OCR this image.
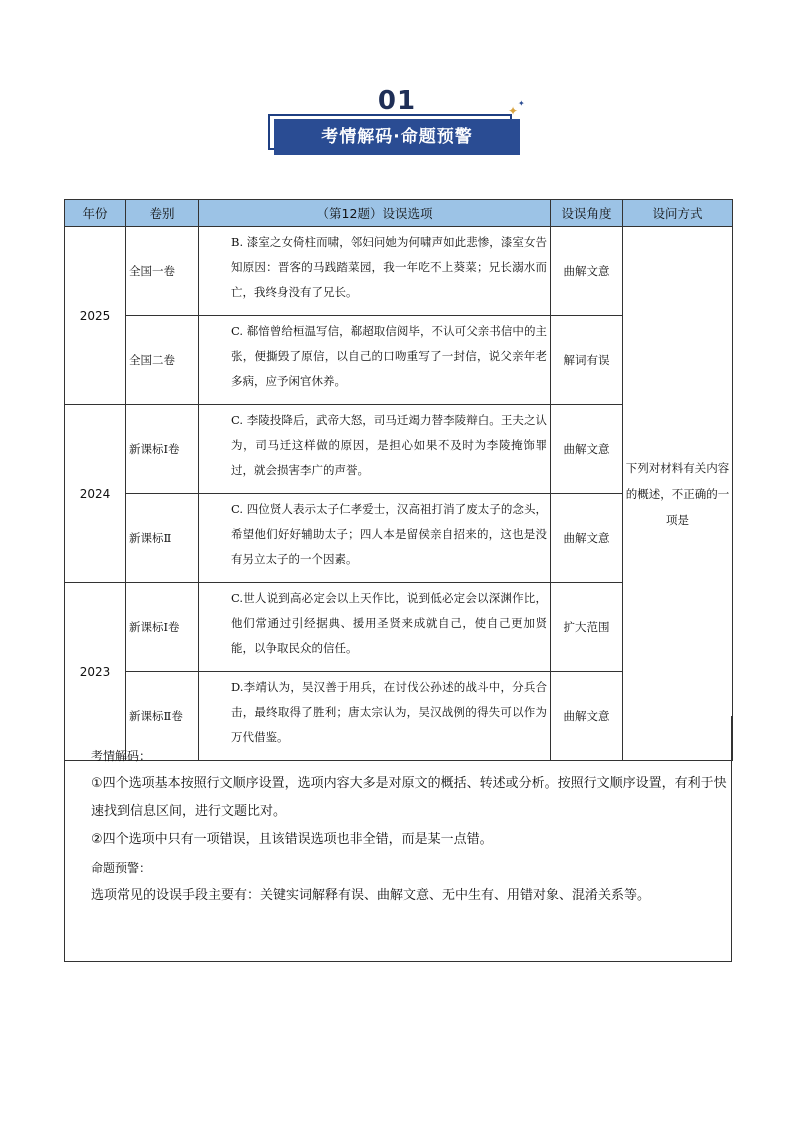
01	✦
✦
考情解码·命题预警
年份	卷别	（第12题）设误选项	设误角度	设问方式
2025	全国一卷	B. 漆室之女倚柱而啸，邻妇问她为何啸声如此悲惨，漆室女告知原因：晋客的马践踏菜园，我一年吃不上葵菜；兄长溺水而亡，我终身没有了兄长。	曲解文意	下列对材料有关内容的概述，不正确的一项是
	全国二卷	C. 郗愔曾给桓温写信，郗超取信阅毕，不认可父亲书信中的主张，便撕毁了原信，以自己的口吻重写了一封信，说父亲年老多病，应予闲官休养。	解词有误	
2024	新课标Ⅰ卷	C. 李陵投降后，武帝大怒，司马迁竭力替李陵辩白。王夫之认为，司马迁这样做的原因，是担心如果不及时为李陵掩饰罪过，就会损害李广的声誉。	曲解文意	
	新课标Ⅱ	C. 四位贤人表示太子仁孝爱士，汉高祖打消了废太子的念头，希望他们好好辅助太子；四人本是留侯亲自招来的，这也是没有另立太子的一个因素。	曲解文意	
2023	新课标Ⅰ卷	C.世人说到高必定会以上天作比，说到低必定会以深渊作比，他们常通过引经据典、援用圣贤来成就自己，使自己更加贤能，以争取民众的信任。	扩大范围	
	新课标Ⅱ卷	D.李靖认为，吴汉善于用兵，在讨伐公孙述的战斗中，分兵合击，最终取得了胜利；唐太宗认为，吴汉战例的得失可以作为万代借鉴。	曲解文意	

考情解码：

①四个选项基本按照行文顺序设置，选项内容大多是对原文的概括、转述或分析。按照行文顺序设置，有利于快速找到信息区间，进行文题比对。

②四个选项中只有一项错误，且该错误选项也非全错，而是某一点错。

命题预警：

选项常见的设误手段主要有：关键实词解释有误、曲解文意、无中生有、用错对象、混淆关系等。
